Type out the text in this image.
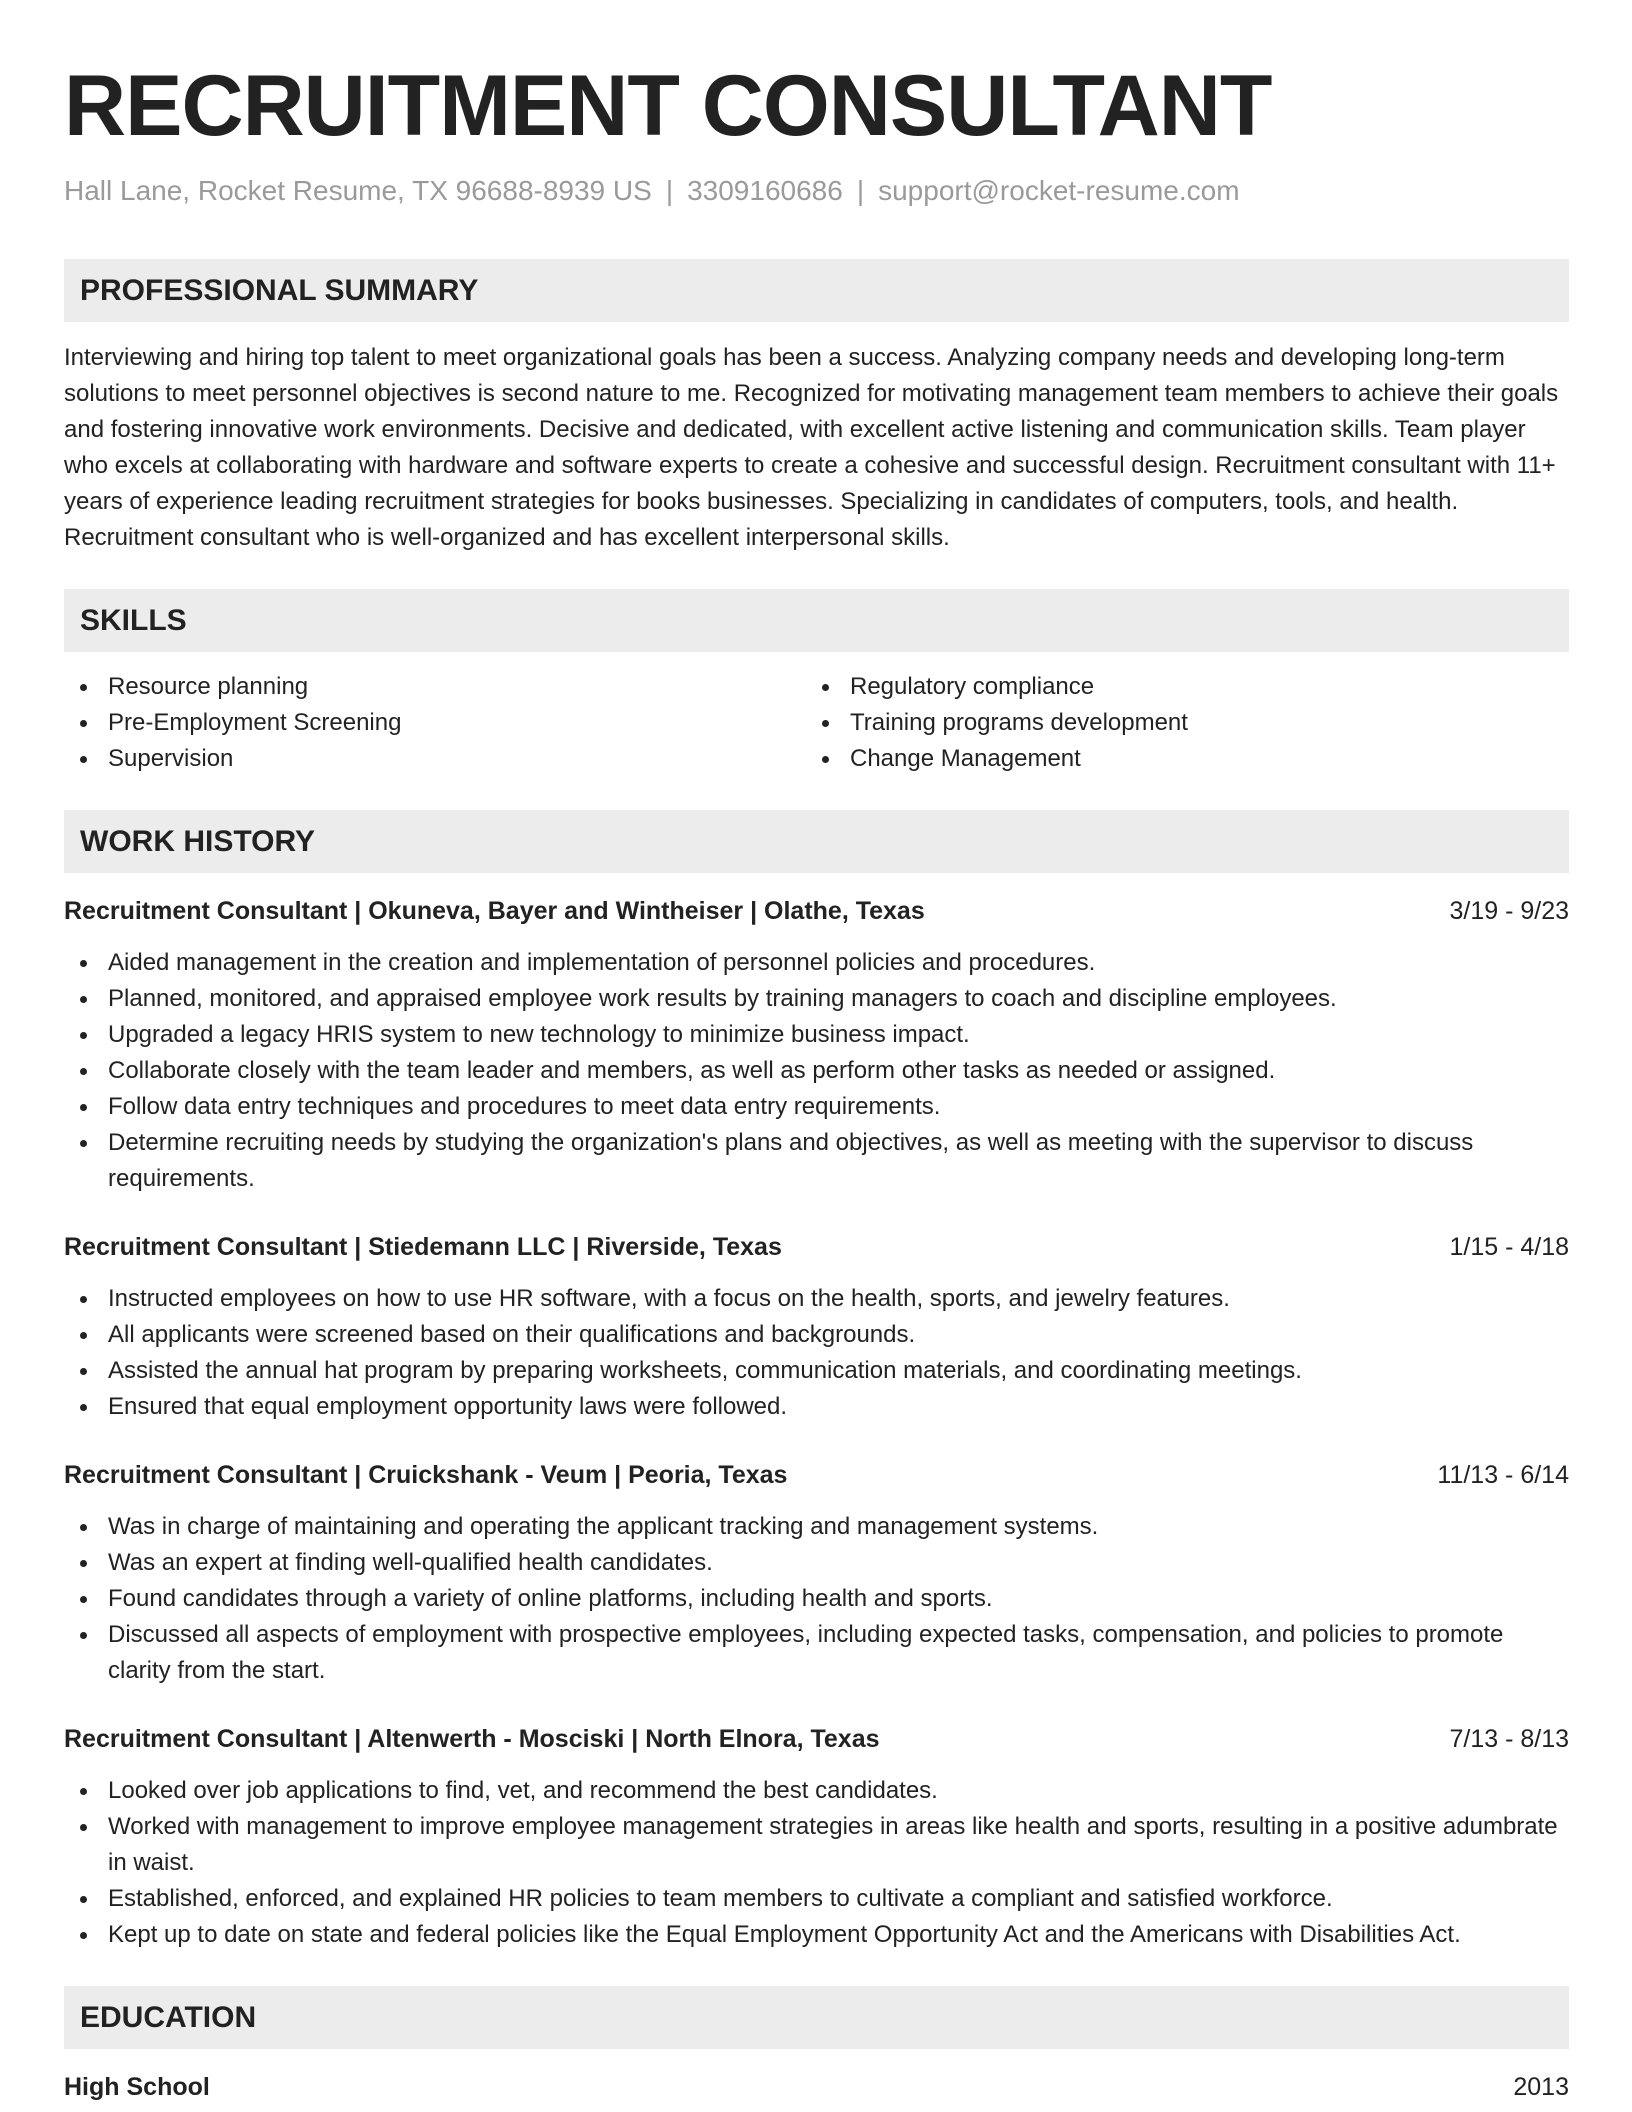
RECRUITMENT CONSULTANT
Hall Lane, Rocket Resume, TX 96688-8939 US | 3309160686 | support@rocket-resume.com
PROFESSIONAL SUMMARY

Interviewing and hiring top talent to meet organizational goals has been a success. Analyzing company needs and developing long-term solutions to meet personnel objectives is second nature to me. Recognized for motivating management team members to achieve their goals and fostering innovative work environments. Decisive and dedicated, with excellent active listening and communication skills. Team player who excels at collaborating with hardware and software experts to create a cohesive and successful design. Recruitment consultant with 11+ years of experience leading recruitment strategies for books businesses. Specializing in candidates of computers, tools, and health. Recruitment consultant who is well-organized and has excellent interpersonal skills.

SKILLS
Resource planning
Pre-Employment Screening
Supervision
Regulatory compliance
Training programs development
Change Management
WORK HISTORY
Recruitment Consultant | Okuneva, Bayer and Wintheiser | Olathe, Texas	3/19 - 9/23
Aided management in the creation and implementation of personnel policies and procedures.
Planned, monitored, and appraised employee work results by training managers to coach and discipline employees.
Upgraded a legacy HRIS system to new technology to minimize business impact.
Collaborate closely with the team leader and members, as well as perform other tasks as needed or assigned.
Follow data entry techniques and procedures to meet data entry requirements.
Determine recruiting needs by studying the organization's plans and objectives, as well as meeting with the supervisor to discuss requirements.
Recruitment Consultant | Stiedemann LLC | Riverside, Texas	1/15 - 4/18
Instructed employees on how to use HR software, with a focus on the health, sports, and jewelry features.
All applicants were screened based on their qualifications and backgrounds.
Assisted the annual hat program by preparing worksheets, communication materials, and coordinating meetings.
Ensured that equal employment opportunity laws were followed.
Recruitment Consultant | Cruickshank - Veum | Peoria, Texas	11/13 - 6/14
Was in charge of maintaining and operating the applicant tracking and management systems.
Was an expert at finding well-qualified health candidates.
Found candidates through a variety of online platforms, including health and sports.
Discussed all aspects of employment with prospective employees, including expected tasks, compensation, and policies to promote clarity from the start.
Recruitment Consultant | Altenwerth - Mosciski | North Elnora, Texas	7/13 - 8/13
Looked over job applications to find, vet, and recommend the best candidates.
Worked with management to improve employee management strategies in areas like health and sports, resulting in a positive adumbrate in waist.
Established, enforced, and explained HR policies to team members to cultivate a compliant and satisfied workforce.
Kept up to date on state and federal policies like the Equal Employment Opportunity Act and the Americans with Disabilities Act.
EDUCATION
High School	2013
